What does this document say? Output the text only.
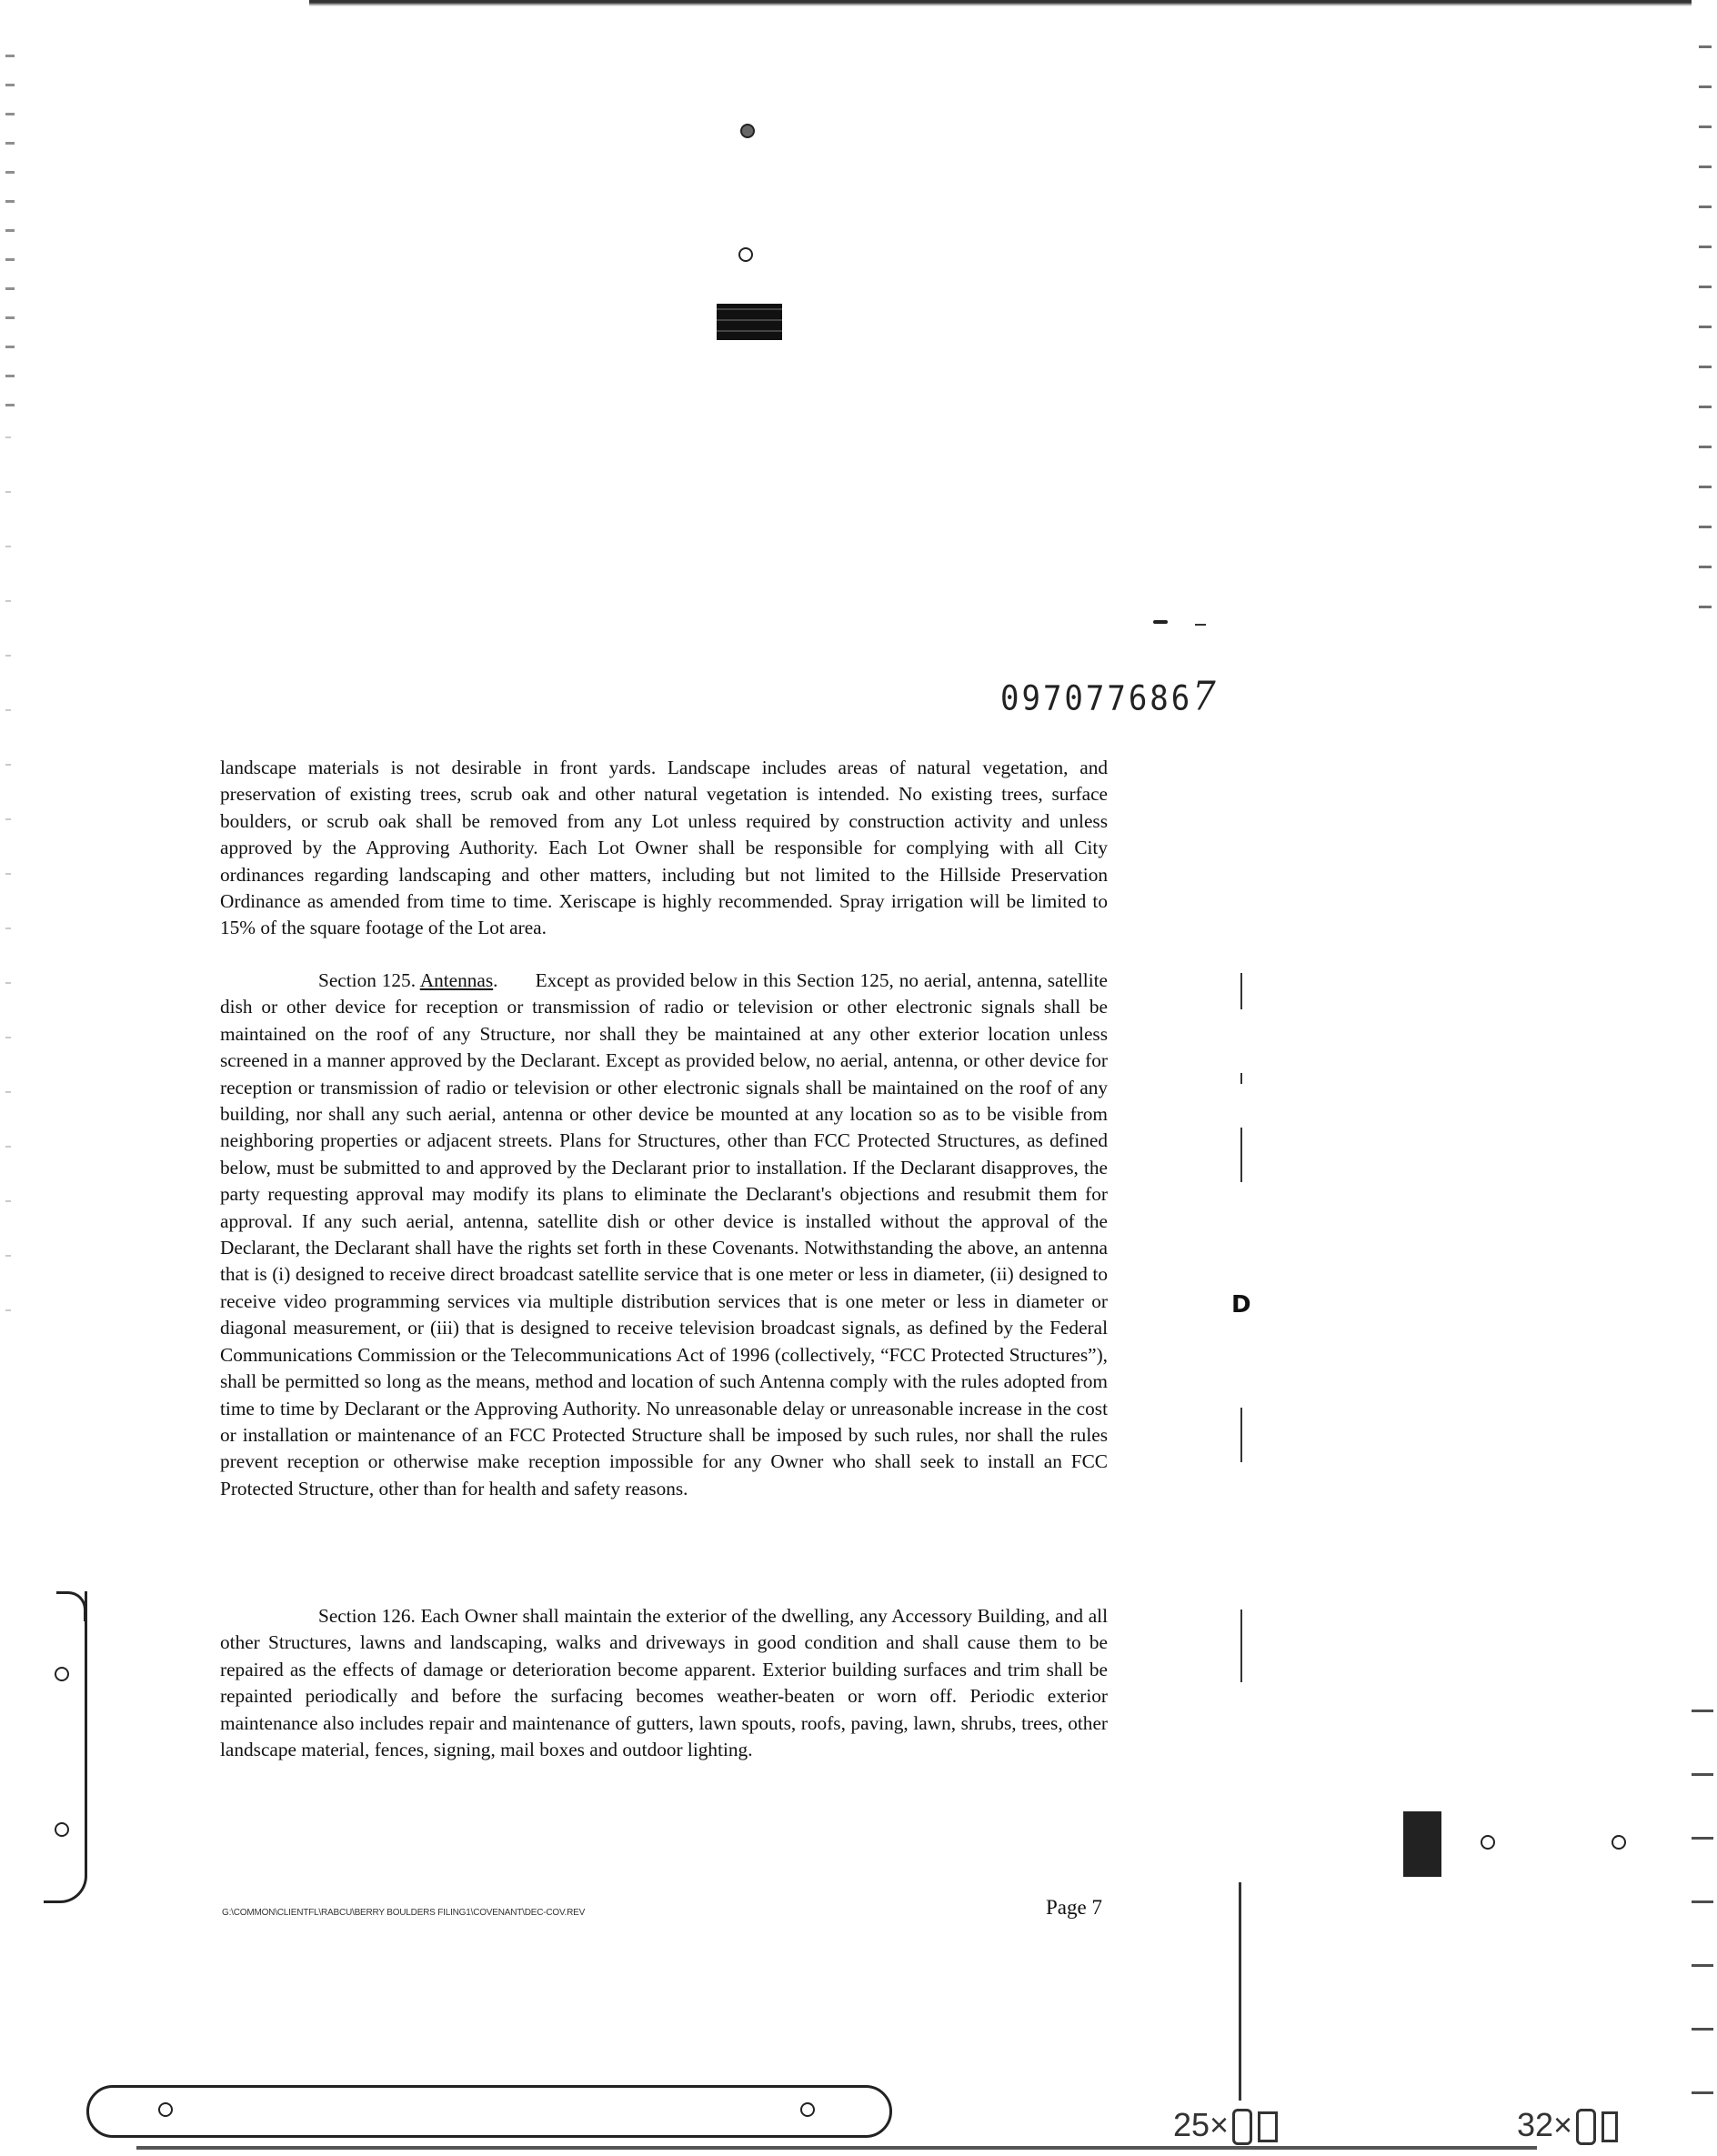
0970776867
landscape materials is not desirable in front yards. Landscape includes areas of natural vegetation, and preservation of existing trees, scrub oak and other natural vegetation is intended. No existing trees, surface boulders, or scrub oak shall be removed from any Lot unless required by construction activity and unless approved by the Approving Authority. Each Lot Owner shall be responsible for complying with all City ordinances regarding landscaping and other matters, including but not limited to the Hillside Preservation Ordinance as amended from time to time. Xeriscape is highly recommended. Spray irrigation will be limited to 15% of the square footage of the Lot area.
Section 125. Antennas.       Except as provided below in this Section 125, no aerial, antenna, satellite dish or other device for reception or transmission of radio or television or other electronic signals shall be maintained on the roof of any Structure, nor shall they be maintained at any other exterior location unless screened in a manner approved by the Declarant. Except as provided below, no aerial, antenna, or other device for reception or transmission of radio or television or other electronic signals shall be maintained on the roof of any building, nor shall any such aerial, antenna or other device be mounted at any location so as to be visible from neighboring properties or adjacent streets. Plans for Structures, other than FCC Protected Structures, as defined below, must be submitted to and approved by the Declarant prior to installation. If the Declarant disapproves, the party requesting approval may modify its plans to eliminate the Declarant's objections and resubmit them for approval. If any such aerial, antenna, satellite dish or other device is installed without the approval of the Declarant, the Declarant shall have the rights set forth in these Covenants. Notwithstanding the above, an antenna that is (i) designed to receive direct broadcast satellite service that is one meter or less in diameter, (ii) designed to receive video programming services via multiple distribution services that is one meter or less in diameter or diagonal measurement, or (iii) that is designed to receive television broadcast signals, as defined by the Federal Communications Commission or the Telecommunications Act of 1996 (collectively, “FCC Protected Structures”), shall be permitted so long as the means, method and location of such Antenna comply with the rules adopted from time to time by Declarant or the Approving Authority. No unreasonable delay or unreasonable increase in the cost or installation or maintenance of an FCC Protected Structure shall be imposed by such rules, nor shall the rules prevent reception or otherwise make reception impossible for any Owner who shall seek to install an FCC Protected Structure, other than for health and safety reasons.
Section 126. Each Owner shall maintain the exterior of the dwelling, any Accessory Building, and all other Structures, lawns and landscaping, walks and driveways in good condition and shall cause them to be repaired as the effects of damage or deterioration become apparent. Exterior building surfaces and trim shall be repainted periodically and before the surfacing becomes weather-beaten or worn off. Periodic exterior maintenance also includes repair and maintenance of gutters, lawn spouts, roofs, paving, lawn, shrubs, trees, other landscape material, fences, signing, mail boxes and outdoor lighting.
D
G:\COMMON\CLIENTFL\RABCU\BERRY BOULDERS FILING1\COVENANT\DEC-COV.REV	Page 7
25×	32×
